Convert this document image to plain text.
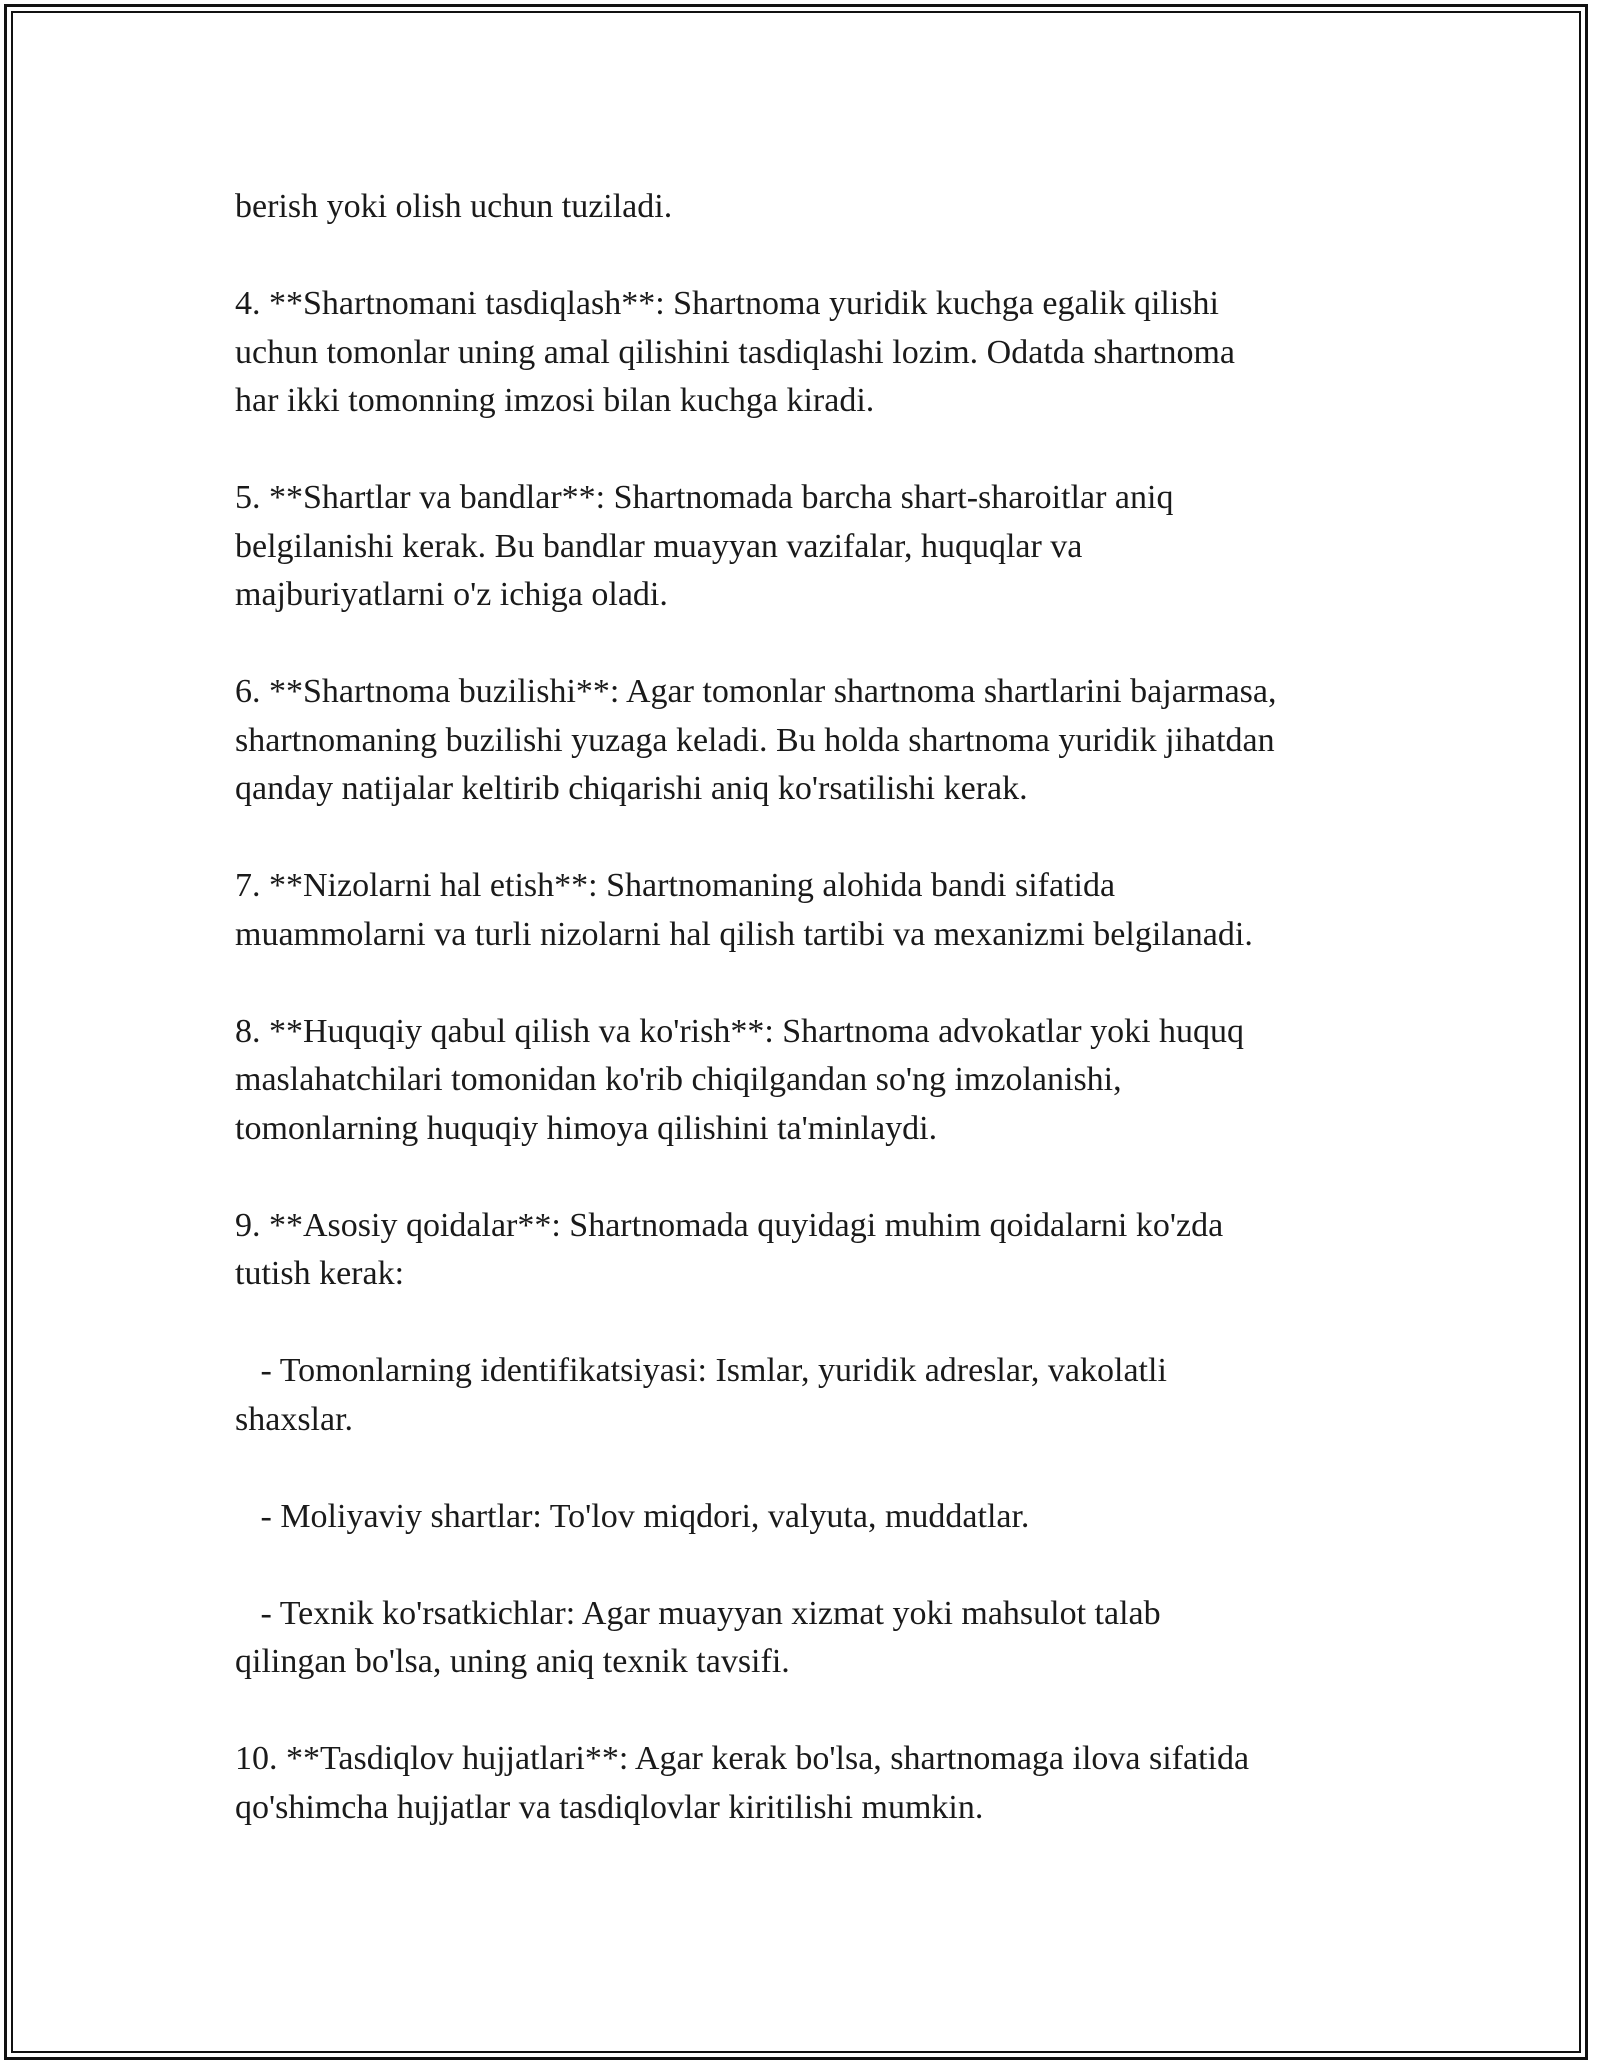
berish yoki olish uchun tuziladi.

4. **Shartnomani tasdiqlash**: Shartnoma yuridik kuchga egalik qilishi
uchun tomonlar uning amal qilishini tasdiqlashi lozim. Odatda shartnoma
har ikki tomonning imzosi bilan kuchga kiradi.

5. **Shartlar va bandlar**: Shartnomada barcha shart-sharoitlar aniq
belgilanishi kerak. Bu bandlar muayyan vazifalar, huquqlar va
majburiyatlarni o'z ichiga oladi.

6. **Shartnoma buzilishi**: Agar tomonlar shartnoma shartlarini bajarmasa,
shartnomaning buzilishi yuzaga keladi. Bu holda shartnoma yuridik jihatdan
qanday natijalar keltirib chiqarishi aniq ko'rsatilishi kerak.

7. **Nizolarni hal etish**: Shartnomaning alohida bandi sifatida
muammolarni va turli nizolarni hal qilish tartibi va mexanizmi belgilanadi.

8. **Huquqiy qabul qilish va ko'rish**: Shartnoma advokatlar yoki huquq
maslahatchilari tomonidan ko'rib chiqilgandan so'ng imzolanishi,
tomonlarning huquqiy himoya qilishini ta'minlaydi.

9. **Asosiy qoidalar**: Shartnomada quyidagi muhim qoidalarni ko'zda
tutish kerak:

- Tomonlarning identifikatsiyasi: Ismlar, yuridik adreslar, vakolatli
shaxslar.

- Moliyaviy shartlar: To'lov miqdori, valyuta, muddatlar.

- Texnik ko'rsatkichlar: Agar muayyan xizmat yoki mahsulot talab
qilingan bo'lsa, uning aniq texnik tavsifi.

10. **Tasdiqlov hujjatlari**: Agar kerak bo'lsa, shartnomaga ilova sifatida
qo'shimcha hujjatlar va tasdiqlovlar kiritilishi mumkin.
